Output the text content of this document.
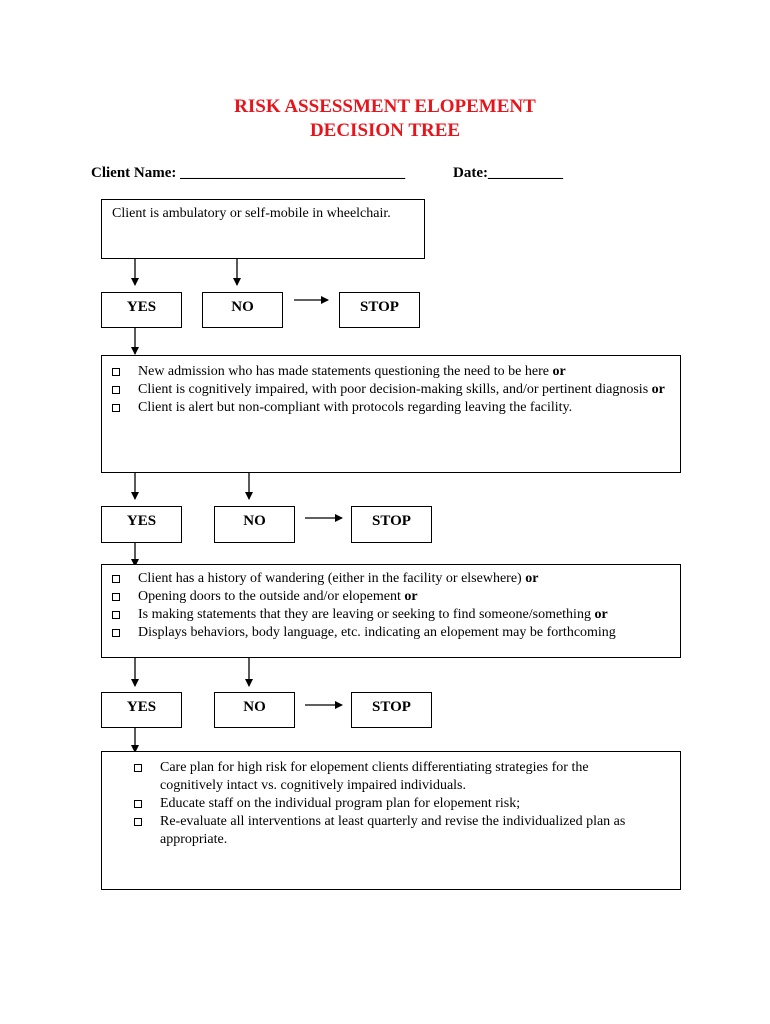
RISK ASSESSMENT ELOPEMENT
DECISION TREE
Client Name: ______________________________	Date:__________
Client is ambulatory or self-mobile in wheelchair.
YES	NO	STOP
New admission who has made statements questioning the need to be here or
Client is cognitively impaired, with poor decision-making skills, and/or pertinent diagnosis or
Client is alert but non-compliant with protocols regarding leaving the facility.
YES	NO	STOP
Client has a history of wandering (either in the facility or elsewhere) or
Opening doors to the outside and/or elopement or
Is making statements that they are leaving or seeking to find someone/something or
Displays behaviors, body language, etc. indicating an elopement may be forthcoming
YES	NO	STOP
Care plan for high risk for elopement clients differentiating strategies for the cognitively intact vs. cognitively impaired individuals.
Educate staff on the individual program plan for elopement risk;
Re-evaluate all interventions at least quarterly and revise the individualized plan as appropriate.
